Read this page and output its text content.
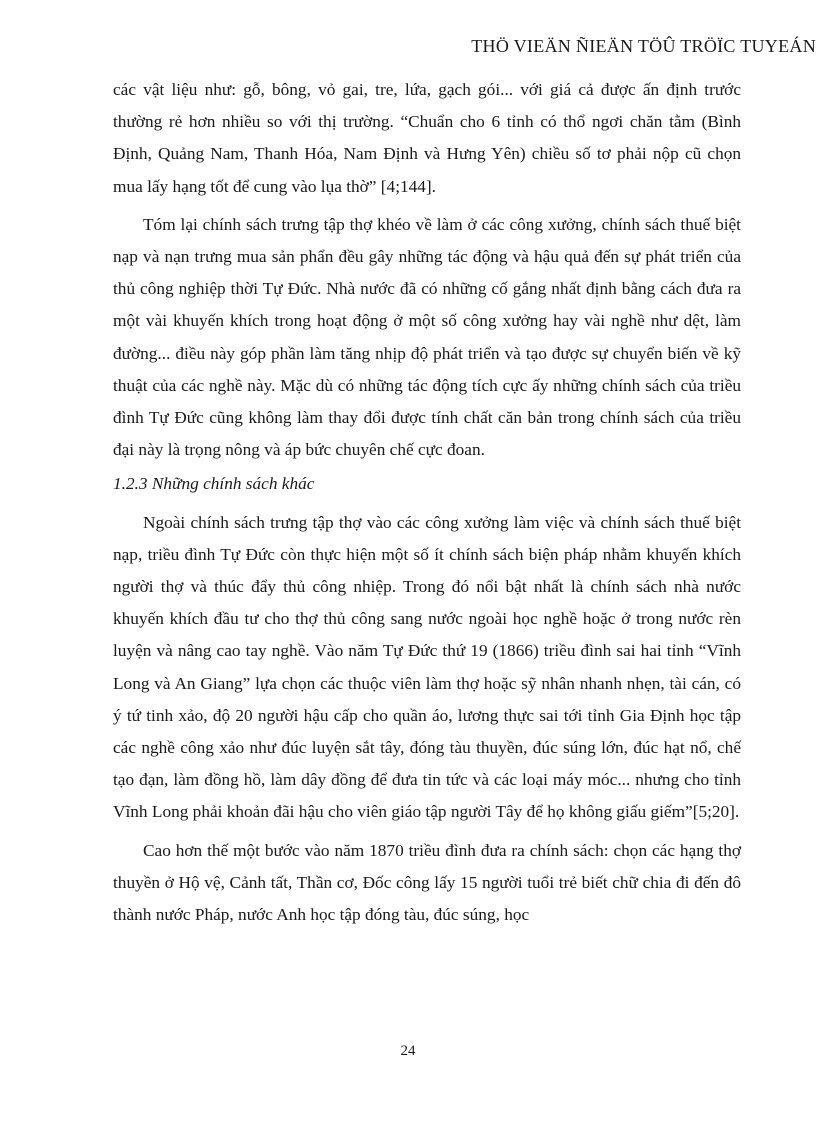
THÖ VIEÄN ÑIEÄN TÖÛ TRÖÏC TUYEÁN

các vật liệu như: gỗ, bông, vỏ gai, tre, lứa, gạch gói... với giá cả được ấn định trước thường rẻ hơn nhiều so với thị trường. “Chuẩn cho 6 tỉnh có thổ ngơi chăn tằm (Bình Định, Quảng Nam, Thanh Hóa, Nam Định và Hưng Yên) chiều số tơ phải nộp cũ chọn mua lấy hạng tốt để cung vào lụa thờ” [4;144].

Tóm lại chính sách trưng tập thợ khéo về làm ở các công xưởng, chính sách thuế biệt nạp và nạn trưng mua sản phẩn đều gây những tác động và hậu quả đến sự phát triển của thủ công nghiệp thời Tự Đức. Nhà nước đã có những cố gắng nhất định bằng cách đưa ra một vài khuyến khích trong hoạt động ở một số công xưởng hay vài nghề như dệt, làm đường... điều này góp phần làm tăng nhịp độ phát triển và tạo được sự chuyển biến về kỹ thuật của các nghề này. Mặc dù có những tác động tích cực ấy những chính sách của triều đình Tự Đức cũng không làm thay đổi được tính chất căn bản trong chính sách của triều đại này là trọng nông và áp bức chuyên chế cực đoan.

1.2.3 Những chính sách khác

Ngoài chính sách trưng tập thợ vào các công xưởng làm việc và chính sách thuế biệt nạp, triều đình Tự Đức còn thực hiện một số ít chính sách biện pháp nhằm khuyến khích người thợ và thúc đẩy thủ công nhiệp. Trong đó nổi bật nhất là chính sách nhà nước khuyến khích đầu tư cho thợ thủ công sang nước ngoài học nghề hoặc ở trong nước rèn luyện và nâng cao tay nghề. Vào năm Tự Đức thứ 19 (1866) triều đình sai hai tỉnh “Vĩnh Long và An Giang” lựa chọn các thuộc viên làm thợ hoặc sỹ nhân nhanh nhẹn, tài cán, có ý tứ tinh xảo, độ 20 người hậu cấp cho quần áo, lương thực sai tới tỉnh Gia Định học tập các nghề công xảo như đúc luyện sắt tây, đóng tàu thuyền, đúc súng lớn, đúc hạt nổ, chế tạo đạn, làm đồng hồ, làm dây đồng để đưa tin tức và các loại máy móc... nhưng cho tỉnh Vĩnh Long phải khoản đãi hậu cho viên giáo tập người Tây để họ không giấu giếm”[5;20].

Cao hơn thế một bước vào năm 1870 triều đình đưa ra chính sách: chọn các hạng thợ thuyền ở Hộ vệ, Cảnh tất, Thần cơ, Đốc công lấy 15 người tuổi trẻ biết chữ chia đi đến đô thành nước Pháp, nước Anh học tập đóng tàu, đúc súng, học

24
